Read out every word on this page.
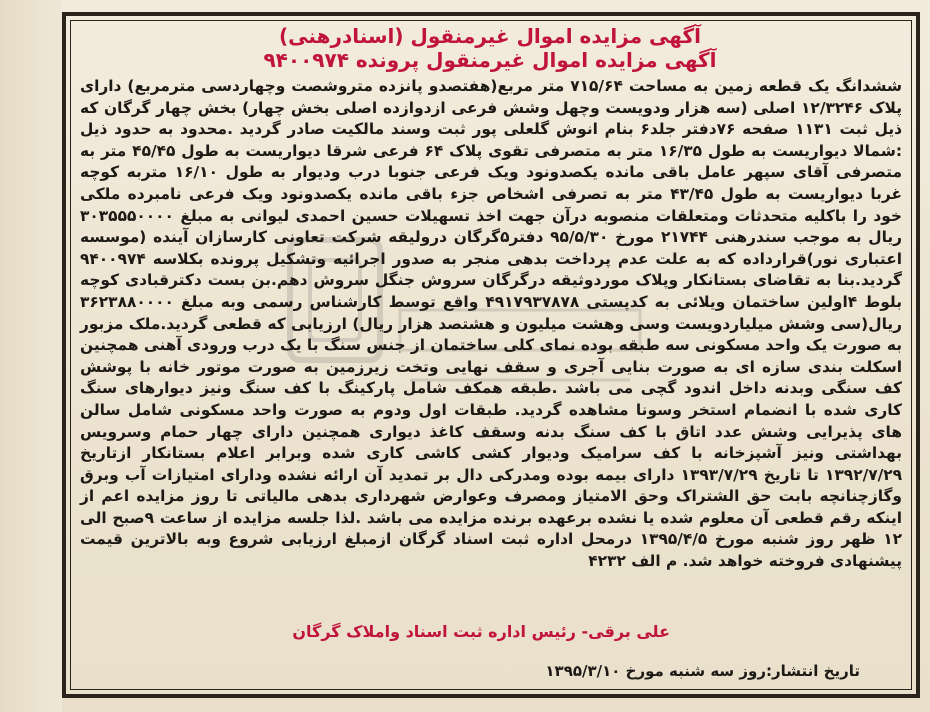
آگهی مزایده اموال غیرمنقول (اسنادرهنی)
آگهی مزایده اموال غیرمنقول پرونده ۹۴۰۰۹۷۴
ششدانگ یک قطعه زمین به مساحت ۷۱۵/۶۴ متر مربع(هفتصدو پانزده متروشصت وچهاردسی مترمربع) دارای پلاک ۱۲/۳۲۴۶ اصلی (سه هزار ودویست وچهل وشش فرعی ازدوازده اصلی بخش چهار) بخش چهار گرگان که ذیل ثبت ۱۱۳۱ صفحه ۷۶دفتر جلد۶ بنام انوش گلعلی پور ثبت وسند مالکیت صادر گردید .محدود به حدود ذیل :شمالا دیواریست به طول ۱۶/۳۵ متر به متصرفی تقوی پلاک ۶۴ فرعی شرقا دیواریست به طول ۴۵/۴۵ متر به متصرفی آقای سپهر عامل باقی مانده یکصدونود ویک فرعی جنوبا درب ودیوار به طول ۱۶/۱۰ متربه کوچه غربا دیواریست به طول ۴۳/۴۵ متر به تصرفی اشخاص جزء باقی مانده یکصدونود ویک فرعی نامبرده ملکی خود را باکلیه متحدثات ومتعلقات منصوبه درآن جهت اخذ تسهیلات حسین احمدی لیوانی به مبلغ ۳۰۳۵۵۵۰۰۰۰ ریال به موجب سندرهنی ۲۱۷۴۴ مورخ ۹۵/۵/۳۰ دفتر۵گرگان درولیقه شرکت تعاونی کارسازان آینده (موسسه اعتباری نور)قرارداده که به علت عدم پرداخت بدهی منجر به صدور اجرائیه وتشکیل پرونده بکلاسه ۹۴۰۰۹۷۴ گردید.بنا به تقاضای بستانکار وپلاک موردوثیقه درگرگان سروش جنگل سروش دهم.بن بست دکترقبادی کوچه بلوط ۴اولین ساختمان ویلائی به کدپستی ۴۹۱۷۹۳۷۸۷۸ واقع توسط کارشناس رسمی وبه مبلغ ۳۶۲۳۸۸۰۰۰۰ ریال(سی وشش میلیاردویست وسی وهشت میلیون و هشتصد هزار ریال) ارزیابی که قطعی گردید.ملک مزبور به صورت یک واحد مسکونی سه طبقه بوده نمای کلی ساختمان از جنس سنگ با یک درب ورودی آهنی همچنین اسکلت بندی سازه ای به صورت بنایی آجری و سقف نهایی وتخت زیرزمین به صورت موتور خانه با پوشش کف سنگی وبدنه داخل اندود گچی می باشد .طبقه همکف شامل پارکینگ با کف سنگ ونیز دیوارهای سنگ کاری شده با انضمام استخر وسونا مشاهده گردید. طبقات اول ودوم به صورت واحد مسکونی شامل سالن های پذیرایی وشش عدد اتاق با کف سنگ بدنه وسقف کاغذ دیواری همچنین دارای چهار حمام وسرویس بهداشتی ونیز آشپزخانه با کف سرامیک ودیوار کشی کاشی کاری شده وبرابر اعلام بستانکار ازتاریخ ۱۳۹۲/۷/۲۹ تا تاریخ ۱۳۹۳/۷/۲۹ دارای بیمه بوده ومدرکی دال بر تمدید آن ارائه نشده ودارای امتیازات آب وبرق وگازچنانچه بابت حق الشتراک وحق الامتیاز ومصرف وعوارض شهرداری بدهی مالیاتی تا روز مزایده اعم از اینکه رقم قطعی آن معلوم شده یا نشده برعهده برنده مزایده می باشد .لذا جلسه مزایده از ساعت ۹صبح الی ۱۲ ظهر روز شنبه مورخ ۱۳۹۵/۴/۵ درمحل اداره ثبت اسناد گرگان ازمبلغ ارزیابی شروع وبه بالاترین قیمت پیشنهادی فروخته خواهد شد. م الف ۴۲۳۲
علی برقی- رئیس اداره ثبت اسناد واملاک گرگان
تاریخ انتشار:روز سه شنبه مورخ ۱۳۹۵/۳/۱۰
